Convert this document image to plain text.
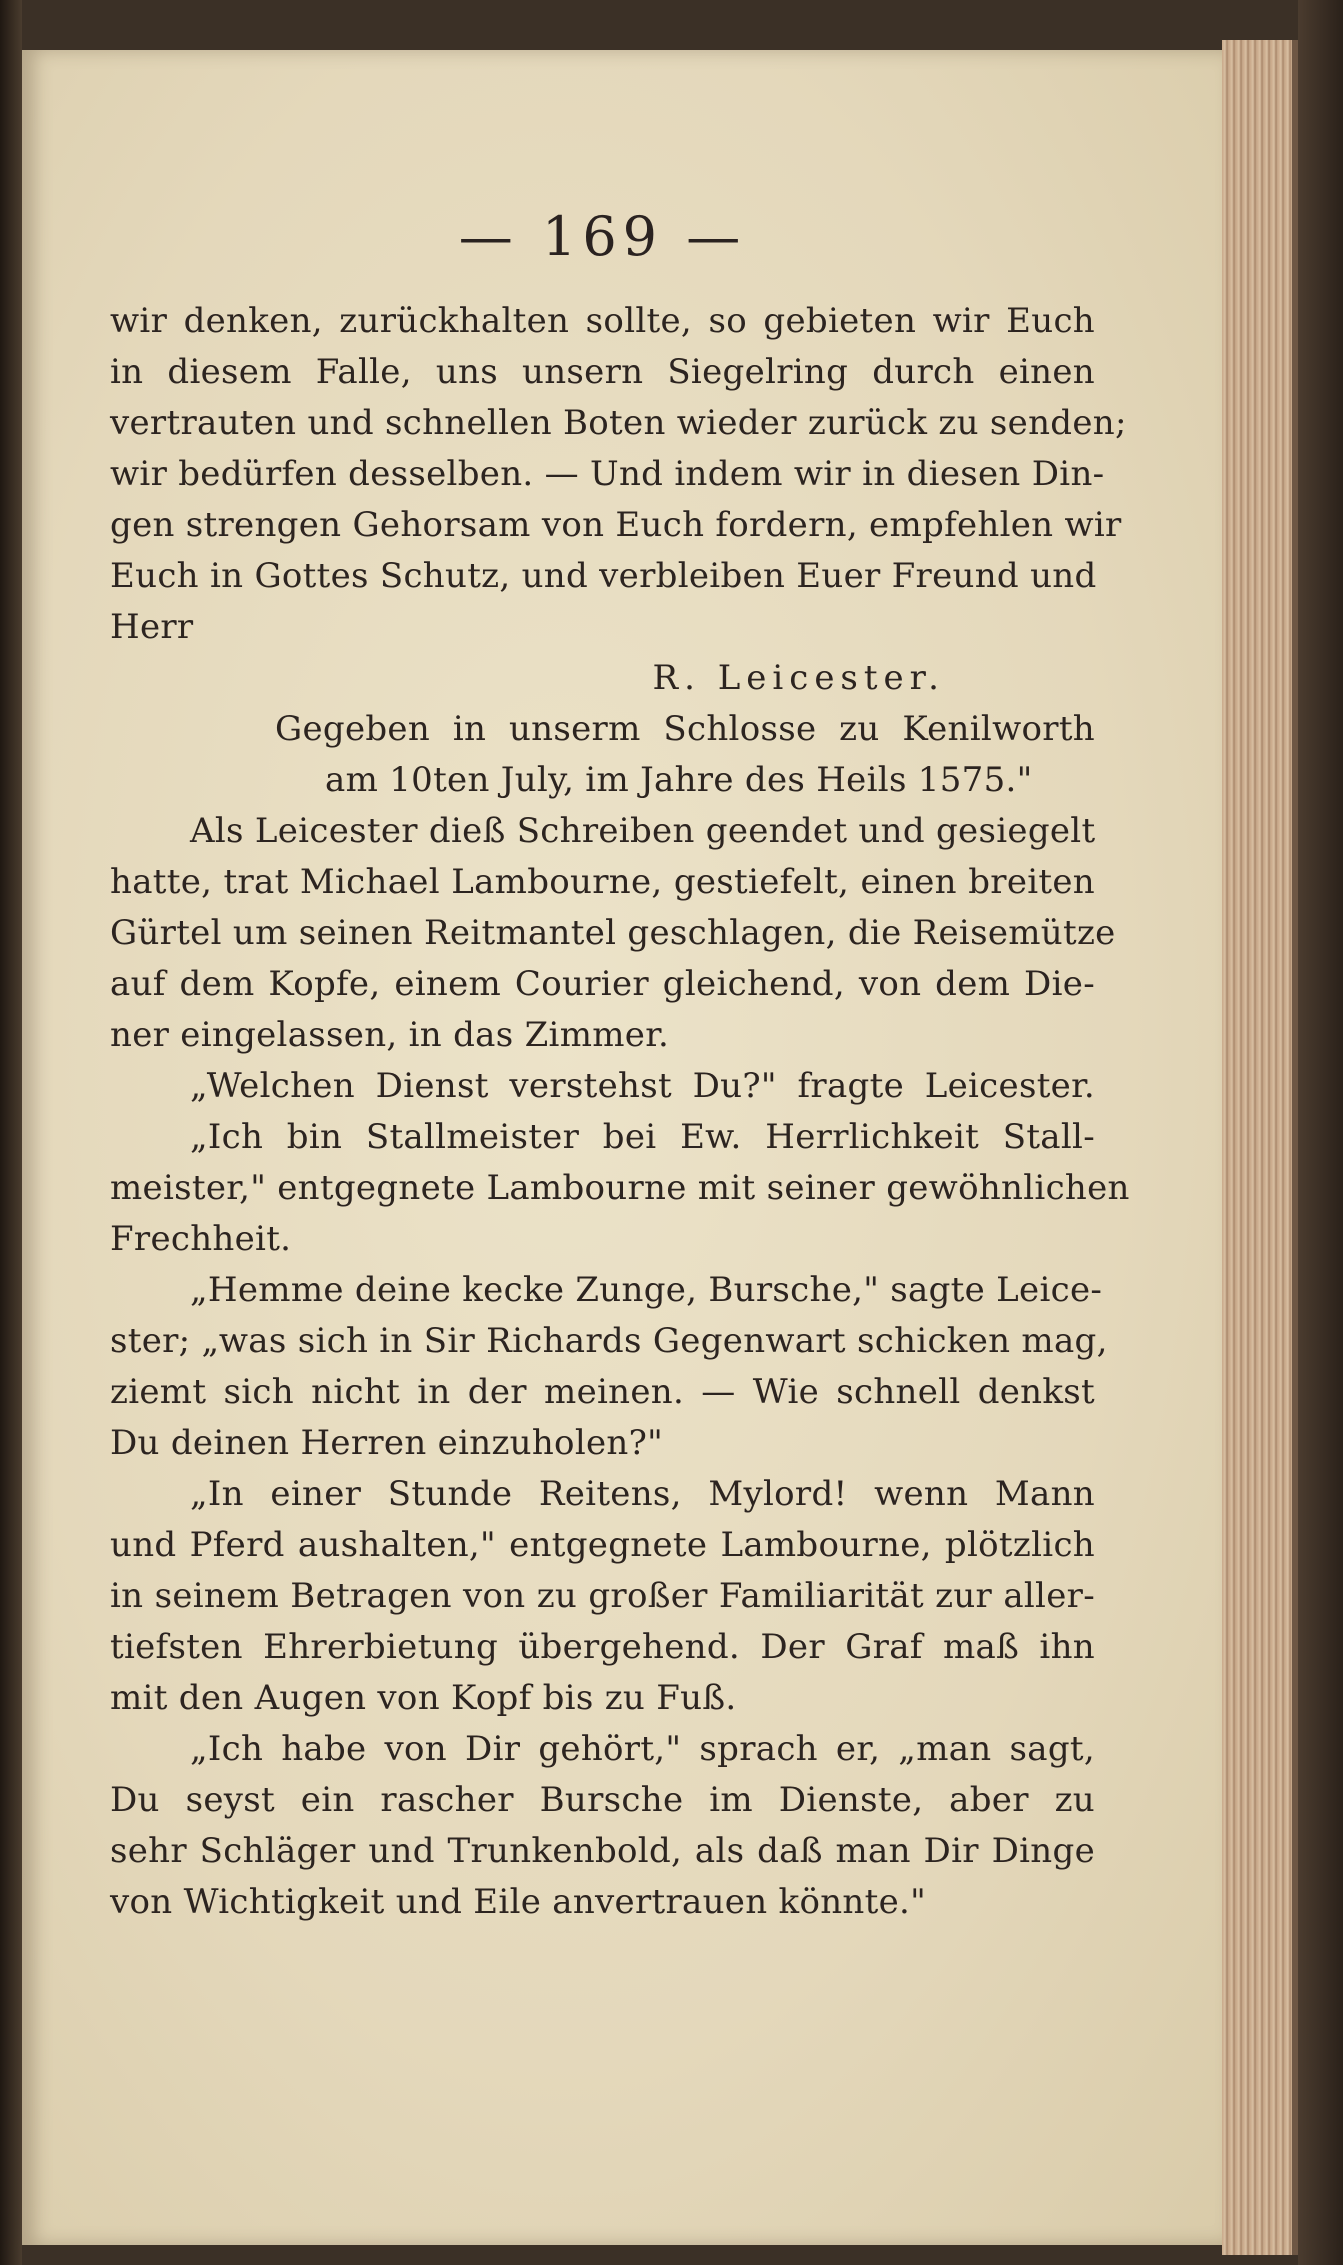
— 169 —
wir denken, zurückhalten sollte, so gebieten wir Euch
in diesem Falle, uns unsern Siegelring durch einen
vertrauten und schnellen Boten wieder zurück zu senden;
wir bedürfen desselben. — Und indem wir in diesen Din-
gen strengen Gehorsam von Euch fordern, empfehlen wir
Euch in Gottes Schutz, und verbleiben Euer Freund und
Herr
R. Leicester.
Gegeben in unserm Schlosse zu Kenilworth
am 10ten July, im Jahre des Heils 1575."
Als Leicester dieß Schreiben geendet und gesiegelt
hatte, trat Michael Lambourne, gestiefelt, einen breiten
Gürtel um seinen Reitmantel geschlagen, die Reisemütze
auf dem Kopfe, einem Courier gleichend, von dem Die-
ner eingelassen, in das Zimmer.
„Welchen Dienst verstehst Du?" fragte Leicester.
„Ich bin Stallmeister bei Ew. Herrlichkeit Stall-
meister," entgegnete Lambourne mit seiner gewöhnlichen
Frechheit.
„Hemme deine kecke Zunge, Bursche," sagte Leice-
ster; „was sich in Sir Richards Gegenwart schicken mag,
ziemt sich nicht in der meinen. — Wie schnell denkst
Du deinen Herren einzuholen?"
„In einer Stunde Reitens, Mylord! wenn Mann
und Pferd aushalten," entgegnete Lambourne, plötzlich
in seinem Betragen von zu großer Familiarität zur aller-
tiefsten Ehrerbietung übergehend. Der Graf maß ihn
mit den Augen von Kopf bis zu Fuß.
„Ich habe von Dir gehört," sprach er, „man sagt,
Du seyst ein rascher Bursche im Dienste, aber zu
sehr Schläger und Trunkenbold, als daß man Dir Dinge
von Wichtigkeit und Eile anvertrauen könnte."
